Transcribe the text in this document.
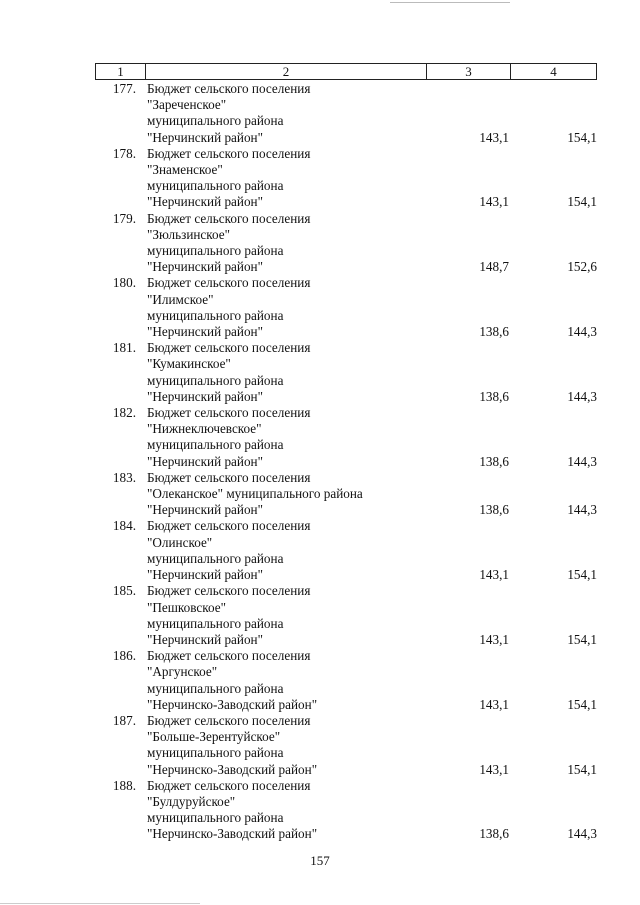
1	2	3	4
177. Бюджет сельского поселения
"Зареченское"
муниципального района
"Нерчинский район"	143,1	154,1
178. Бюджет сельского поселения
"Знаменское"
муниципального района
"Нерчинский район"	143,1	154,1
179. Бюджет сельского поселения
"Зюльзинское"
муниципального района
"Нерчинский район"	148,7	152,6
180. Бюджет сельского поселения
"Илимское"
муниципального района
"Нерчинский район"	138,6	144,3
181. Бюджет сельского поселения
"Кумакинское"
муниципального района
"Нерчинский район"	138,6	144,3
182. Бюджет сельского поселения
"Нижнеключевское"
муниципального района
"Нерчинский район"	138,6	144,3
183. Бюджет сельского поселения
"Олеканское" муниципального района
"Нерчинский район"	138,6	144,3
184. Бюджет сельского поселения
"Олинское"
муниципального района
"Нерчинский район"	143,1	154,1
185. Бюджет сельского поселения
"Пешковское"
муниципального района
"Нерчинский район"	143,1	154,1
186. Бюджет сельского поселения
"Аргунское"
муниципального района
"Нерчинско-Заводский район"	143,1	154,1
187. Бюджет сельского поселения
"Больше-Зерентуйское"
муниципального района
"Нерчинско-Заводский район"	143,1	154,1
188. Бюджет сельского поселения
"Булдуруйское"
муниципального района
"Нерчинско-Заводский район"	138,6	144,3
157
